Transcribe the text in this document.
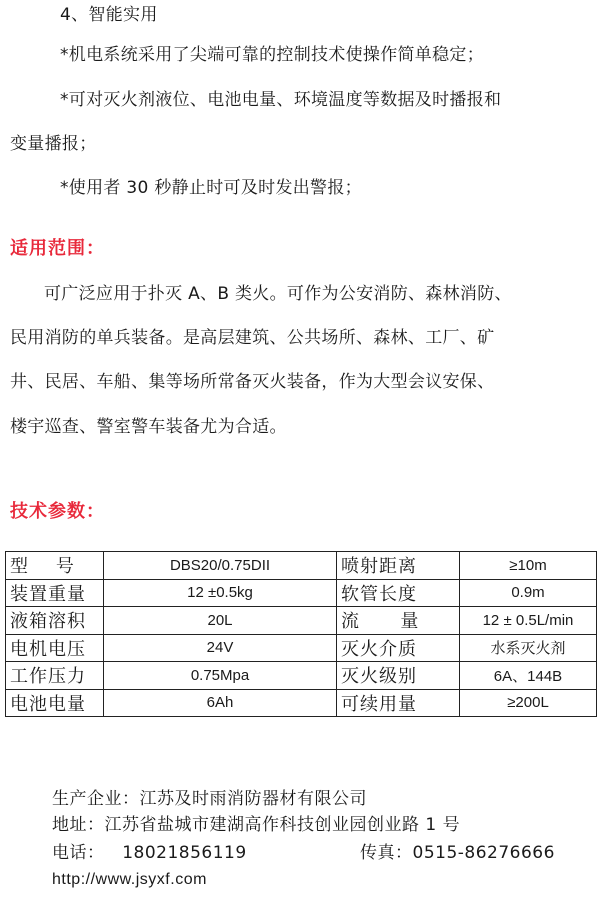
4、智能实用
*机电系统采用了尖端可靠的控制技术使操作简单稳定；
*可对灭火剂液位、电池电量、环境温度等数据及时播报和
变量播报；
*使用者 30 秒静止时可及时发出警报；
适用范围：
可广泛应用于扑灭 A、B 类火。可作为公安消防、森林消防、
民用消防的单兵装备。是高层建筑、公共场所、森林、工厂、矿
井、民居、车船、集等场所常备灭火装备，作为大型会议安保、
楼宇巡查、警室警车装备尤为合适。
技术参数：
型    号	DBS20/0.75DII	喷射距离	≥10m
装置重量	12 ±0.5kg	软管长度	0.9m
液箱溶积	20L	流      量	12 ± 0.5L/min
电机电压	24V	灭火介质	水系灭火剂
工作压力	0.75Mpa	灭火级别	6A、144B
电池电量	6Ah	可续用量	≥200L
生产企业：江苏及时雨消防器材有限公司
地址：江苏省盐城市建湖高作科技创业园创业路 1 号
电话：   18021856119	传真：0515-86276666
http://www.jsyxf.com
